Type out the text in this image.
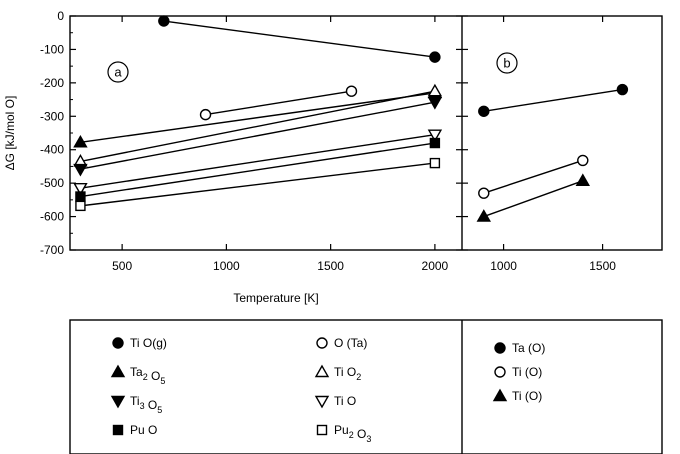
0
-100
-200
-300
-400
-500
-600
-700
ΔG [kJ/mol O]
500	1000	1500	2000	1000	1500
Temperature [K]
a
b
Ti O(g)
$Ta_2$ $O_5$
$Ti_3$ $O_5$
Pu O
O (Ta)
Ti $O_2$
Ti O
$Pu_2$ $O_3$
Ta (O)
Ti (O)
Ti (O)
